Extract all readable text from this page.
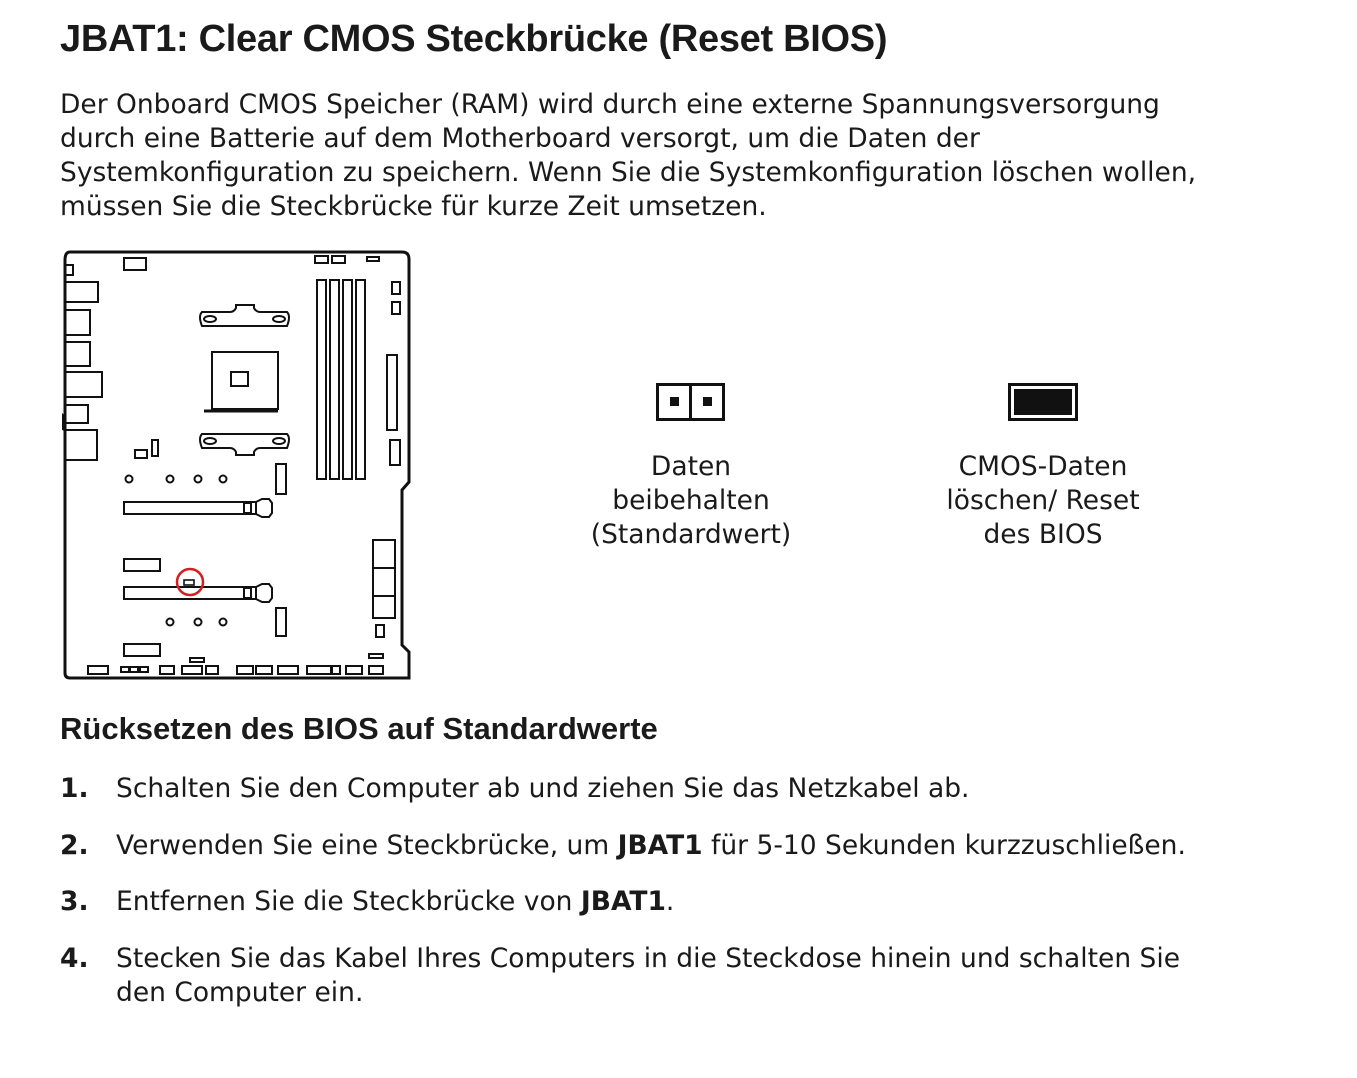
JBAT1: Clear CMOS Steckbrücke (Reset BIOS)
Der Onboard CMOS Speicher (RAM) wird durch eine externe Spannungsversorgung
durch eine Batterie auf dem Motherboard versorgt, um die Daten der
Systemkonfiguration zu speichern. Wenn Sie die Systemkonfiguration löschen wollen,
müssen Sie die Steckbrücke für kurze Zeit umsetzen.
Daten
beibehalten
(Standardwert)
CMOS-Daten
löschen/ Reset
des BIOS
Rücksetzen des BIOS auf Standardwerte
1. Schalten Sie den Computer ab und ziehen Sie das Netzkabel ab.
2. Verwenden Sie eine Steckbrücke, um JBAT1 für 5-10 Sekunden kurzzuschließen.
3. Entfernen Sie die Steckbrücke von JBAT1.
4. Stecken Sie das Kabel Ihres Computers in die Steckdose hinein und schalten Sie
den Computer ein.
